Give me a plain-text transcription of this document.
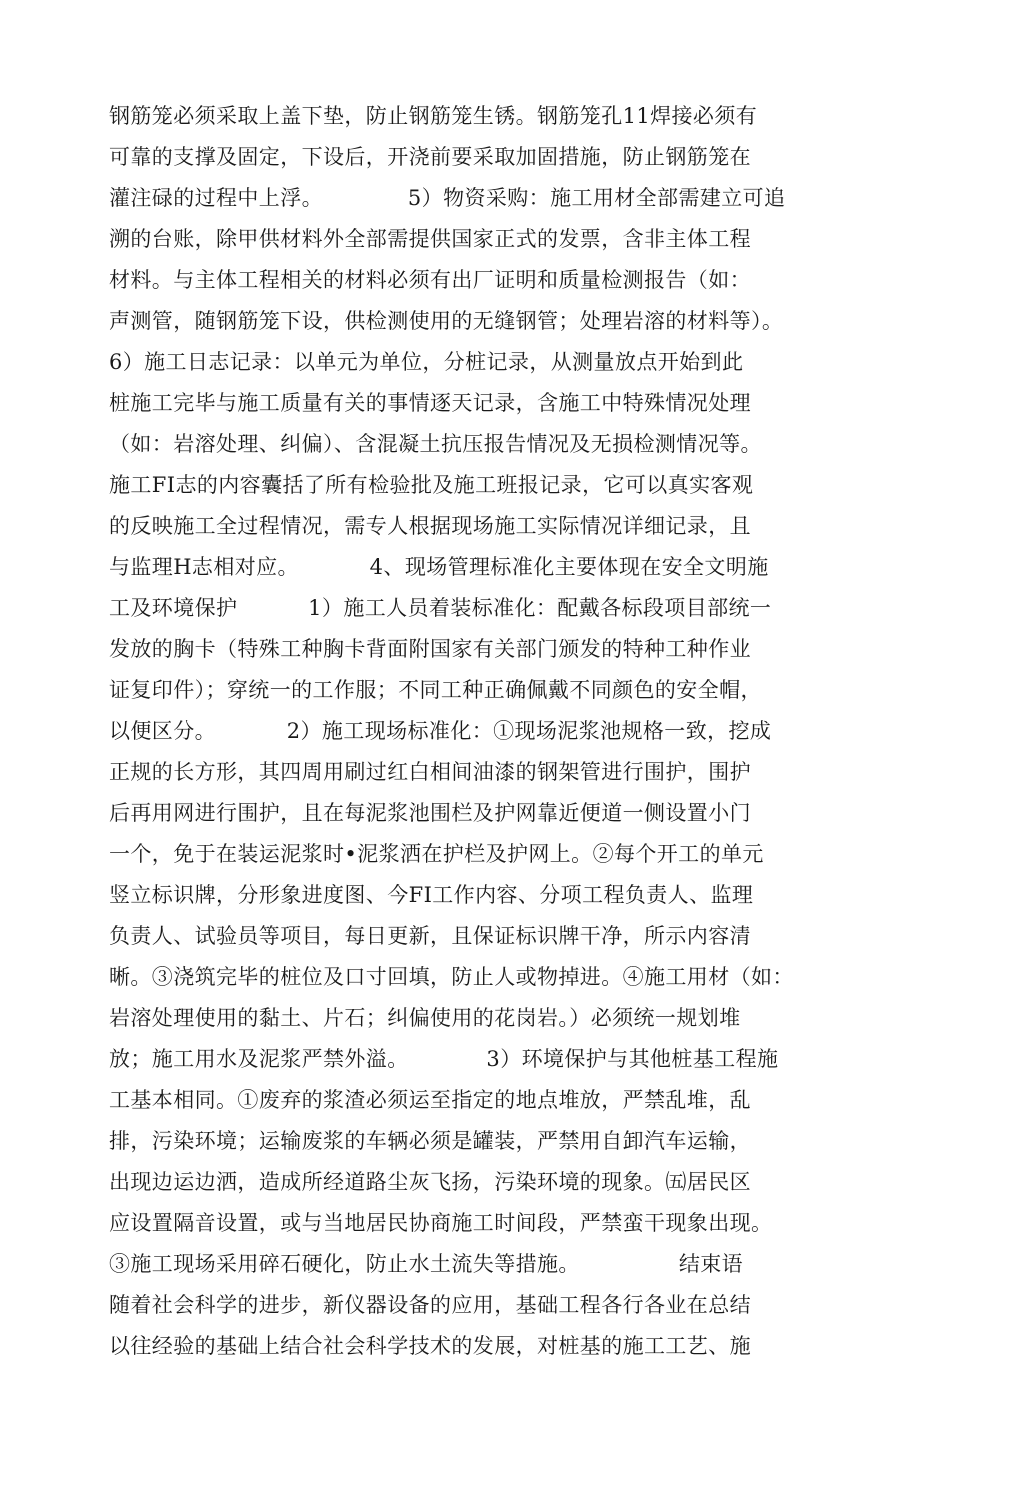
钢筋笼必须采取上盖下垫，防止钢筋笼生锈。钢筋笼孔11焊接必须有
可靠的支撑及固定，下设后，开浇前要采取加固措施，防止钢筋笼在
灌注碌的过程中上浮。            5）物资采购：施工用材全部需建立可追
溯的台账，除甲供材料外全部需提供国家正式的发票，含非主体工程
材料。与主体工程相关的材料必须有出厂证明和质量检测报告（如：
声测管，随钢筋笼下设，供检测使用的无缝钢管；处理岩溶的材料等）。
6）施工日志记录：以单元为单位，分桩记录，从测量放点开始到此
桩施工完毕与施工质量有关的事情逐天记录，含施工中特殊情况处理
（如：岩溶处理、纠偏）、含混凝土抗压报告情况及无损检测情况等。
施工FI志的内容囊括了所有检验批及施工班报记录，它可以真实客观
的反映施工全过程情况，需专人根据现场施工实际情况详细记录，且
与监理H志相对应。          4、现场管理标准化主要体现在安全文明施
工及环境保护          1）施工人员着装标准化：配戴各标段项目部统一
发放的胸卡（特殊工种胸卡背面附国家有关部门颁发的特种工种作业
证复印件）；穿统一的工作服；不同工种正确佩戴不同颜色的安全帽，
以便区分。          2）施工现场标准化：①现场泥浆池规格一致，挖成
正规的长方形，其四周用刷过红白相间油漆的钢架管进行围护，围护
后再用网进行围护，且在每泥浆池围栏及护网靠近便道一侧设置小门
一个，免于在装运泥浆时•泥浆洒在护栏及护网上。②每个开工的单元
竖立标识牌，分形象进度图、今FI工作内容、分项工程负责人、监理
负责人、试验员等项目，每日更新，且保证标识牌干净，所示内容清
晰。③浇筑完毕的桩位及口寸回填，防止人或物掉进。④施工用材（如：
岩溶处理使用的黏土、片石；纠偏使用的花岗岩。）必须统一规划堆
放；施工用水及泥浆严禁外溢。           3）环境保护与其他桩基工程施
工基本相同。①废弃的浆渣必须运至指定的地点堆放，严禁乱堆，乱
排，污染环境；运输废浆的车辆必须是罐装，严禁用自卸汽车运输，
出现边运边洒，造成所经道路尘灰飞扬，污染环境的现象。㈤居民区
应设置隔音设置，或与当地居民协商施工时间段，严禁蛮干现象出现。
③施工现场采用碎石硬化，防止水土流失等措施。              结束语
随着社会科学的进步，新仪器设备的应用，基础工程各行各业在总结
以往经验的基础上结合社会科学技术的发展，对桩基的施工工艺、施
